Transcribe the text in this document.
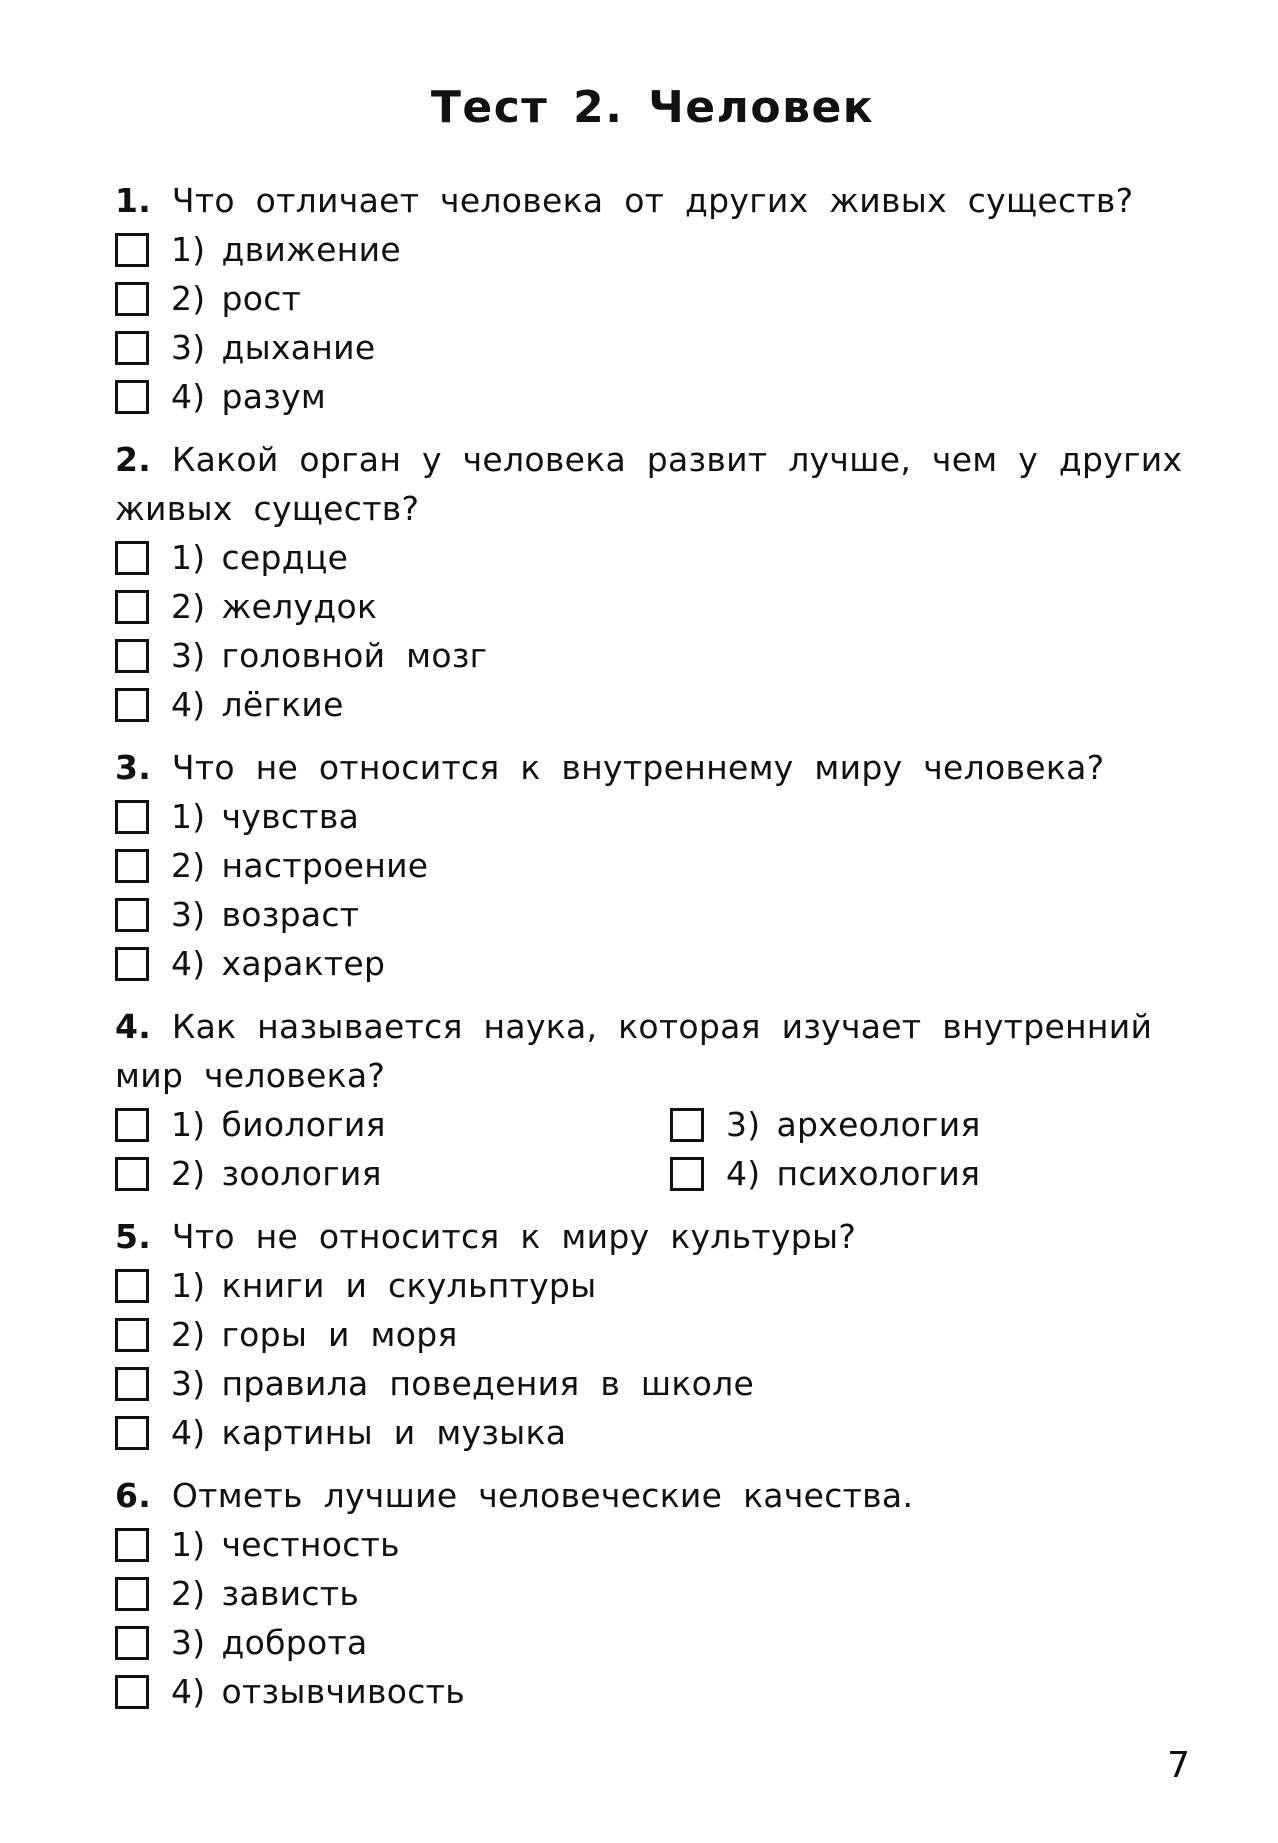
Тест 2. Человек
1. Что отличает человека от других живых существ?
1) движение
2) рост
3) дыхание
4) разум
2. Какой орган у человека развит лучше, чем у других живых существ?
1) сердце
2) желудок
3) головной мозг
4) лёгкие
3. Что не относится к внутреннему миру человека?
1) чувства
2) настроение
3) возраст
4) характер
4. Как называется наука, которая изучает внутренний мир человека?
1) биология
2) зоология
3) археология
4) психология
5. Что не относится к миру культуры?
1) книги и скульптуры
2) горы и моря
3) правила поведения в школе
4) картины и музыка
6. Отметь лучшие человеческие качества.
1) честность
2) зависть
3) доброта
4) отзывчивость
7
